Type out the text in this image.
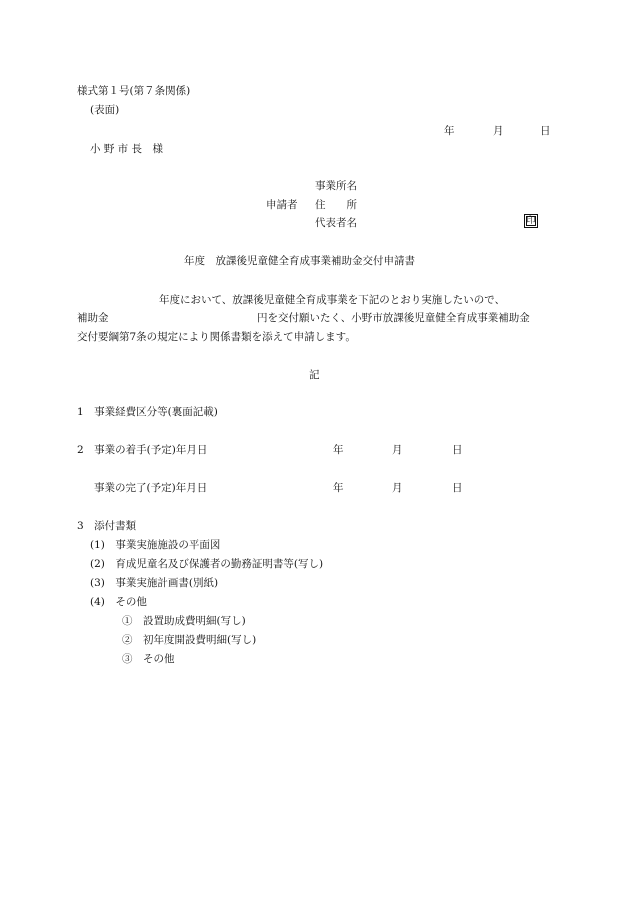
様式第１号(第７条関係)
(表面)
年	月	日
小 野 市 長　様
事業所名
申請者 住　　所
代表者名	印
年度　放課後児童健全育成事業補助金交付申請書
年度において、放課後児童健全育成事業を下記のとおり実施したいので、
補助金	円を交付願いたく、小野市放課後児童健全育成事業補助金
交付要綱第7条の規定により関係書類を添えて申請します。
記
1　事業経費区分等(裏面記載)
2　事業の着手(予定)年月日	年	月	日
事業の完了(予定)年月日	年	月	日
3　添付書類
(1)　事業実施施設の平面図
(2)　育成児童名及び保護者の勤務証明書等(写し)
(3)　事業実施計画書(別紙)
(4)　その他
①　設置助成費明細(写し)
②　初年度開設費明細(写し)
③　その他
